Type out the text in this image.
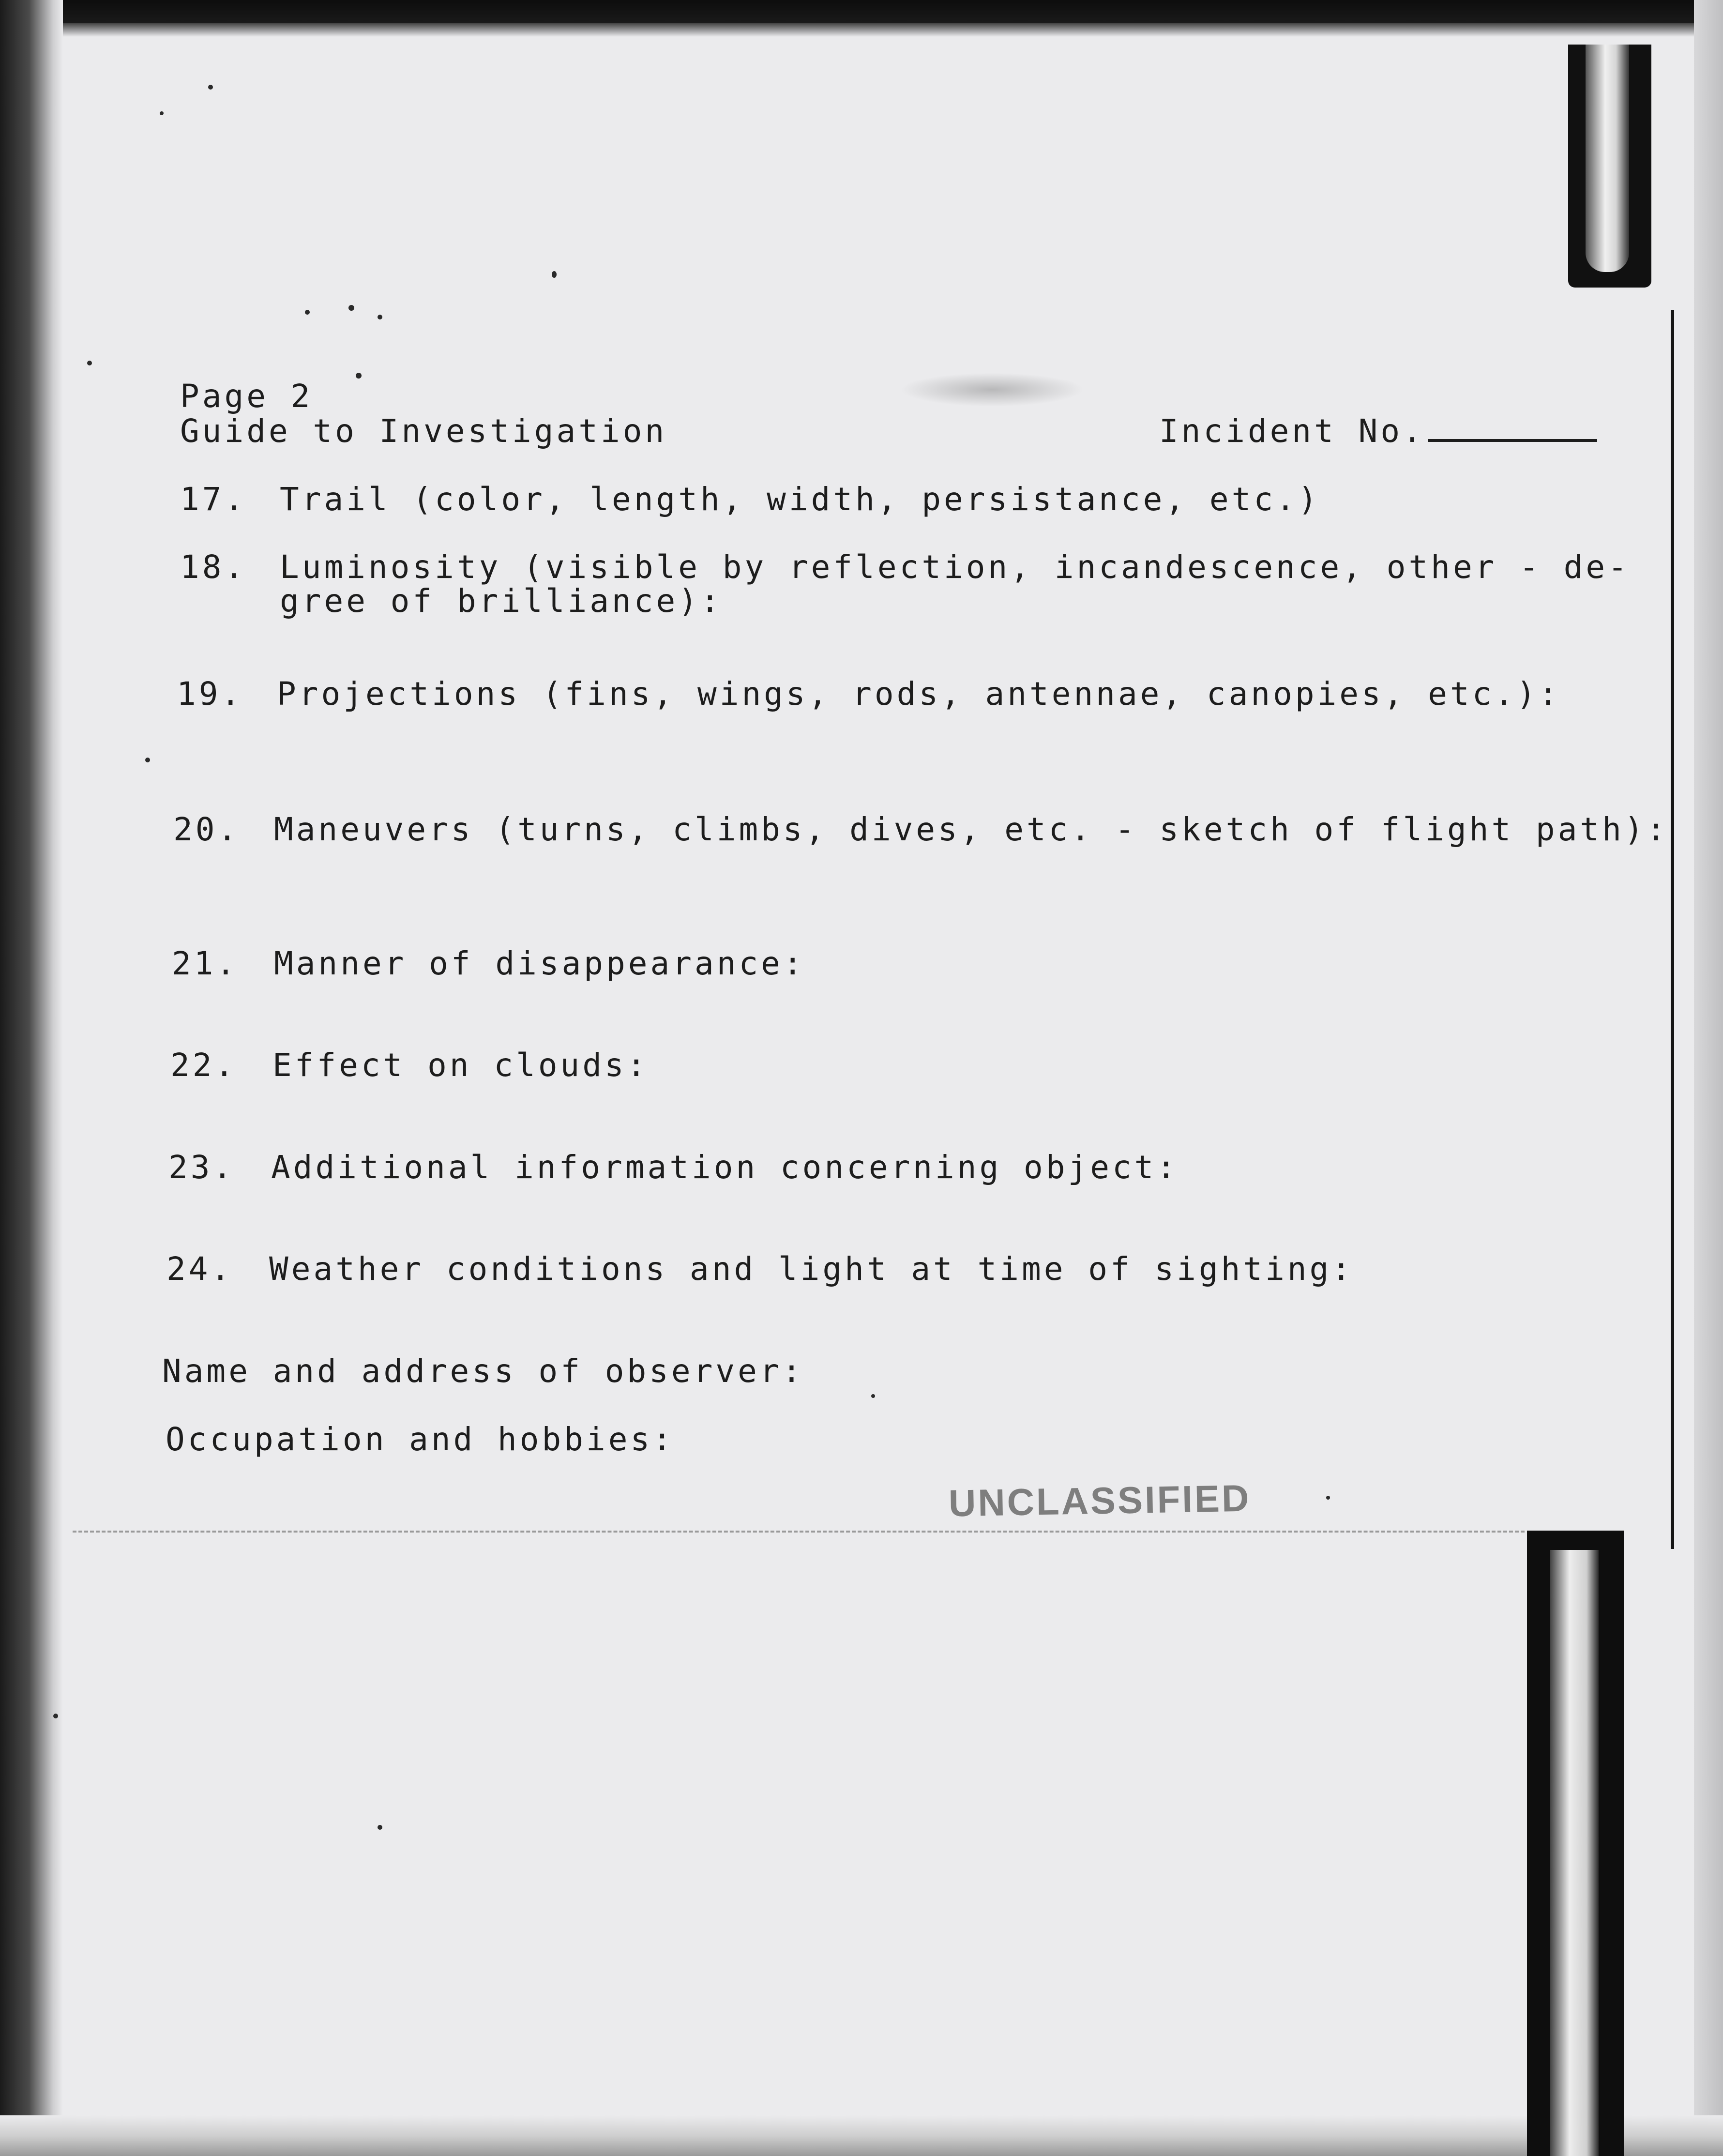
Page 2
Guide to Investigation	Incident No.
17. Trail (color, length, width, persistance, etc.)
18. Luminosity (visible by reflection, incandescence, other - de-
gree of brilliance):
19. Projections (fins, wings, rods, antennae, canopies, etc.):
20. Maneuvers (turns, climbs, dives, etc. - sketch of flight path):
21. Manner of disappearance:
22. Effect on clouds:
23. Additional information concerning object:
24. Weather conditions and light at time of sighting:
Name and address of observer:
Occupation and hobbies:
UNCLASSIFIED
